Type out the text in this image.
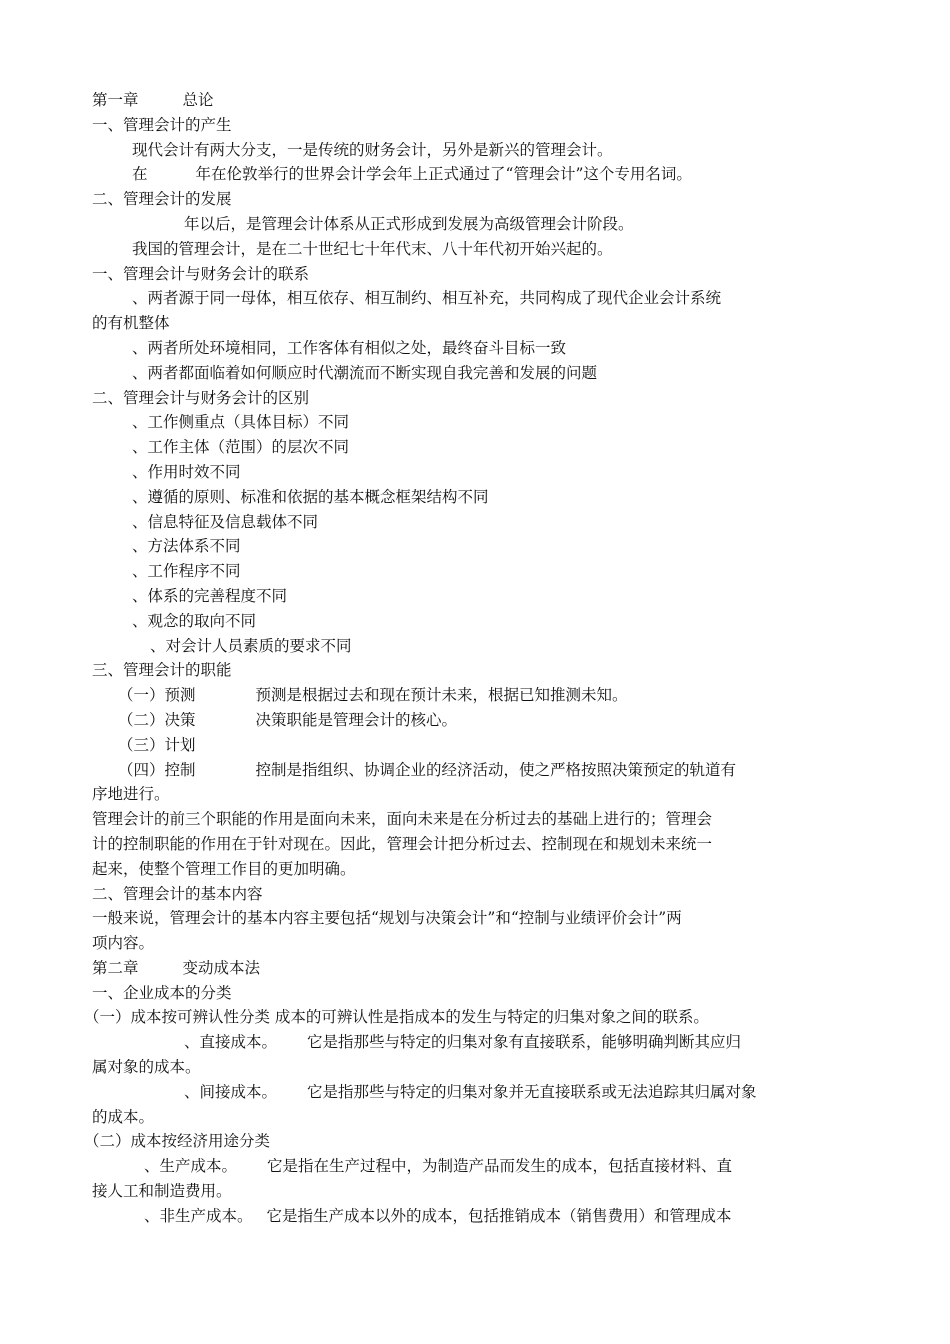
第一章	总论
一、管理会计的产生
现代会计有两大分支，一是传统的财务会计，另外是新兴的管理会计。
在	年在伦敦举行的世界会计学会年上正式通过了“管理会计”这个专用名词。
二、管理会计的发展
年以后，是管理会计体系从正式形成到发展为高级管理会计阶段。
我国的管理会计，是在二十世纪七十年代末、八十年代初开始兴起的。
一、管理会计与财务会计的联系
、两者源于同一母体，相互依存、相互制约、相互补充，共同构成了现代企业会计系统
的有机整体
、两者所处环境相同，工作客体有相似之处，最终奋斗目标一致
、两者都面临着如何顺应时代潮流而不断实现自我完善和发展的问题
二、管理会计与财务会计的区别
、工作侧重点（具体目标）不同
、工作主体（范围）的层次不同
、作用时效不同
、遵循的原则、标准和依据的基本概念框架结构不同
、信息特征及信息载体不同
、方法体系不同
、工作程序不同
、体系的完善程度不同
、观念的取向不同
、对会计人员素质的要求不同
三、管理会计的职能
（一）预测	预测是根据过去和现在预计未来，根据已知推测未知。
（二）决策	决策职能是管理会计的核心。
（三）计划
（四）控制	控制是指组织、协调企业的经济活动，使之严格按照决策预定的轨道有
序地进行。
管理会计的前三个职能的作用是面向未来，面向未来是在分析过去的基础上进行的；管理会
计的控制职能的作用在于针对现在。因此，管理会计把分析过去、控制现在和规划未来统一
起来，使整个管理工作目的更加明确。
二、管理会计的基本内容
一般来说，管理会计的基本内容主要包括“规划与决策会计”和“控制与业绩评价会计”两
项内容。
第二章	变动成本法
一、企业成本的分类
（一）成本按可辨认性分类 成本的可辨认性是指成本的发生与特定的归集对象之间的联系。
、直接成本。 它是指那些与特定的归集对象有直接联系，能够明确判断其应归
属对象的成本。
、间接成本。 它是指那些与特定的归集对象并无直接联系或无法追踪其归属对象
的成本。
（二）成本按经济用途分类
、生产成本。 它是指在生产过程中，为制造产品而发生的成本，包括直接材料、直
接人工和制造费用。
、非生产成本。 它是指生产成本以外的成本，包括推销成本（销售费用）和管理成本
